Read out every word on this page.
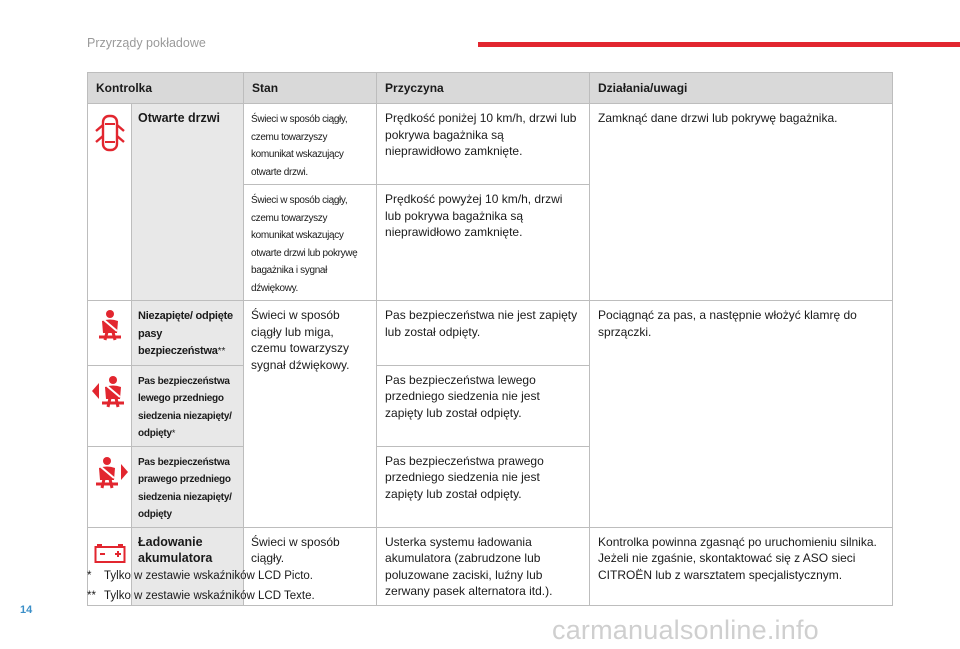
Przyrządy pokładowe
Kontrolka		Stan	Przyczyna	Działania/uwagi
	Otwarte drzwi	Świeci w sposób ciągły, czemu towarzyszy komunikat wskazujący otwarte drzwi.	Prędkość poniżej 10 km/h, drzwi lub pokrywa bagażnika są nieprawidłowo zamknięte.	Zamknąć dane drzwi lub pokrywę bagażnika.
		Świeci w sposób ciągły, czemu towarzyszy komunikat wskazujący otwarte drzwi lub pokrywę bagażnika i sygnał dźwiękowy.	Prędkość powyżej 10 km/h, drzwi lub pokrywa bagażnika są nieprawidłowo zamknięte.	
	Niezapięte/ odpięte pasy bezpieczeństwa**	Świeci w sposób ciągły lub miga, czemu towarzyszy sygnał dźwiękowy.	Pas bezpieczeństwa nie jest zapięty lub został odpięty.	Pociągnąć za pas, a następnie włożyć klamrę do sprzączki.
	Pas bezpieczeństwa lewego przedniego siedzenia niezapięty/ odpięty*		Pas bezpieczeństwa lewego przedniego siedzenia nie jest zapięty lub został odpięty.	
	Pas bezpieczeństwa prawego przedniego siedzenia niezapięty/ odpięty		Pas bezpieczeństwa prawego przedniego siedzenia nie jest zapięty lub został odpięty.	
	Ładowanie akumulatora	Świeci w sposób ciągły.	Usterka systemu ładowania akumulatora (zabrudzone lub poluzowane zaciski, luźny lub zerwany pasek alternatora itd.).	Kontrolka powinna zgasnąć po uruchomieniu silnika. Jeżeli nie zgaśnie, skontaktować się z ASO sieci CITROËN lub z warsztatem specjalistycznym.
* Tylko w zestawie wskaźników LCD Picto.
** Tylko w zestawie wskaźników LCD Texte.
14
carmanualsonline.info
